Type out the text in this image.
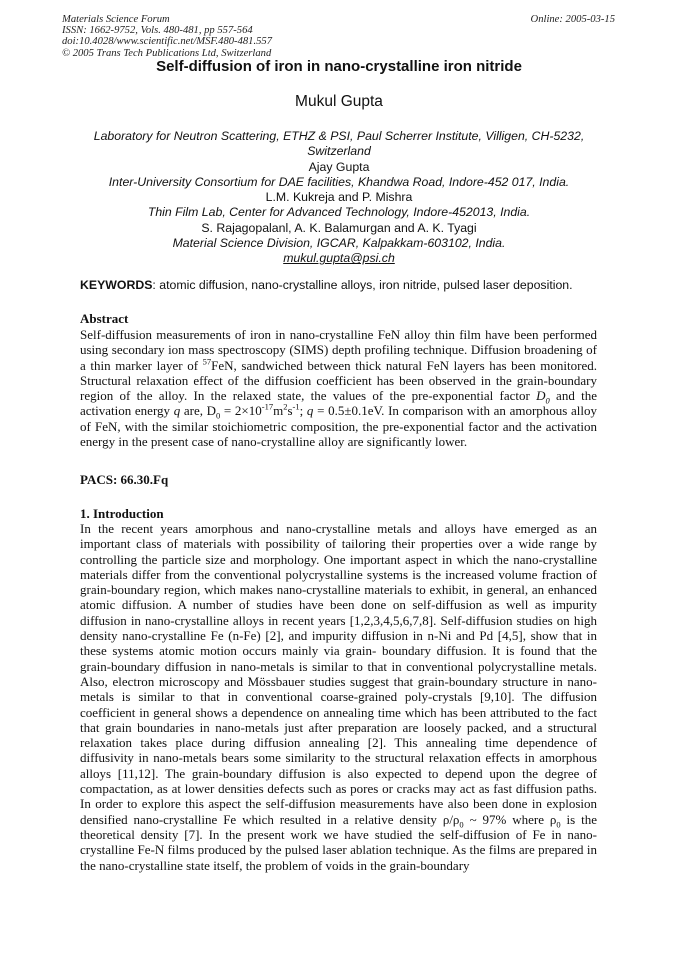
Materials Science Forum
ISSN: 1662-9752, Vols. 480-481, pp 557-564
doi:10.4028/www.scientific.net/MSF.480-481.557
© 2005 Trans Tech Publications Ltd, Switzerland
Online: 2005-03-15
Self-diffusion of iron in nano-crystalline iron nitride
Mukul Gupta
Laboratory for Neutron Scattering, ETHZ & PSI, Paul Scherrer Institute, Villigen, CH-5232, Switzerland
Ajay Gupta
Inter-University Consortium for DAE facilities, Khandwa Road, Indore-452 017, India.
L.M. Kukreja and P. Mishra
Thin Film Lab, Center for Advanced Technology, Indore-452013, India.
S. Rajagopalanl, A. K. Balamurgan and A. K. Tyagi
Material Science Division, IGCAR, Kalpakkam-603102, India.
mukul.gupta@psi.ch
KEYWORDS: atomic diffusion, nano-crystalline alloys, iron nitride, pulsed laser deposition.
Abstract

Self-diffusion measurements of iron in nano-crystalline FeN alloy thin film have been performed using secondary ion mass spectroscopy (SIMS) depth profiling technique. Diffusion broadening of a thin marker layer of $^{57}$FeN, sandwiched between thick natural FeN layers has been monitored. Structural relaxation effect of the diffusion coefficient has been observed in the grain-boundary region of the alloy. In the relaxed state, the values of the pre-exponential factor $D_0$ and the activation energy q are, $D_0 = 2\times 10^{-17}m^2s^{-1}$; q = 0.5±0.1eV. In comparison with an amorphous alloy of FeN, with the similar stoichiometric composition, the pre-exponential factor and the activation energy in the present case of nano-crystalline alloy are significantly lower.

PACS: 66.30.Fq
1. Introduction

In the recent years amorphous and nano-crystalline metals and alloys have emerged as an important class of materials with possibility of tailoring their properties over a wide range by controlling the particle size and morphology. One important aspect in which the nano-crystalline materials differ from the conventional polycrystalline systems is the increased volume fraction of grain-boundary region, which makes nano-crystalline materials to exhibit, in general, an enhanced atomic diffusion. A number of studies have been done on self-diffusion as well as impurity diffusion in nano-crystalline alloys in recent years [1,2,3,4,5,6,7,8]. Self-diffusion studies on high density nano-crystalline Fe (n-Fe) [2], and impurity diffusion in n-Ni and Pd [4,5], show that in these systems atomic motion occurs mainly via grain- boundary diffusion. It is found that the grain-boundary diffusion in nano-metals is similar to that in conventional polycrystalline metals. Also, electron microscopy and Mössbauer studies suggest that grain-boundary structure in nano-metals is similar to that in conventional coarse-grained poly-crystals [9,10]. The diffusion coefficient in general shows a dependence on annealing time which has been attributed to the fact that grain boundaries in nano-metals just after preparation are loosely packed, and a structural relaxation takes place during diffusion annealing [2]. This annealing time dependence of diffusivity in nano-metals bears some similarity to the structural relaxation effects in amorphous alloys [11,12]. The grain-boundary diffusion is also expected to depend upon the degree of compactation, as at lower densities defects such as pores or cracks may act as fast diffusion paths. In order to explore this aspect the self-diffusion measurements have also been done in explosion densified nano-crystalline Fe which resulted in a relative density $\rho/\rho_0$ ~ 97% where $\rho_0$ is the theoretical density [7]. In the present work we have studied the self-diffusion of Fe in nano-crystalline Fe-N films produced by the pulsed laser ablation technique. As the films are prepared in the nano-crystalline state itself, the problem of voids in the grain-boundary
